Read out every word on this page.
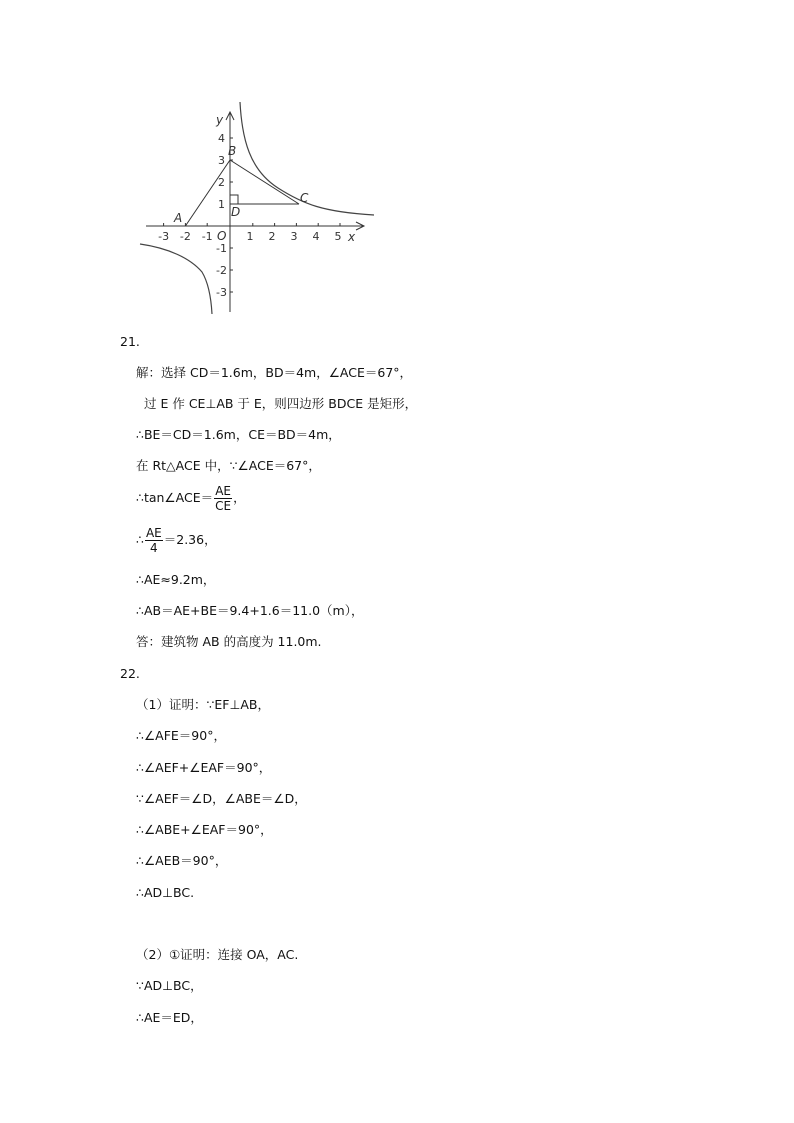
y
x
O
-3 -2 -1	1 2 3 4 5
4
3
2
1
-1
-2
-3
A
B
C
D
21.
解：选择 CD＝1.6m，BD＝4m，∠ACE＝67°，
过 E 作 CE⊥AB 于 E，则四边形 BDCE 是矩形，
∴BE＝CD＝1.6m，CE＝BD＝4m，
在 Rt△ACE 中，∵∠ACE＝67°，
∴tan∠ACE＝ $\frac{AE}{CE}$ ，
∴ $\frac{AE}{4} =2.36$，
∴AE≈9.2m，
∴AB＝AE+BE＝9.4+1.6＝11.0（m），
答：建筑物 AB 的高度为 11.0m.
22.
（1）证明：∵EF⊥AB，
∴∠AFE＝90°，
∴∠AEF+∠EAF＝90°，
∵∠AEF＝∠D，∠ABE＝∠D，
∴∠ABE+∠EAF＝90°，
∴∠AEB＝90°，
∴AD⊥BC.
（2）①证明：连接 OA，AC.
∵AD⊥BC，
∴AE＝ED，
